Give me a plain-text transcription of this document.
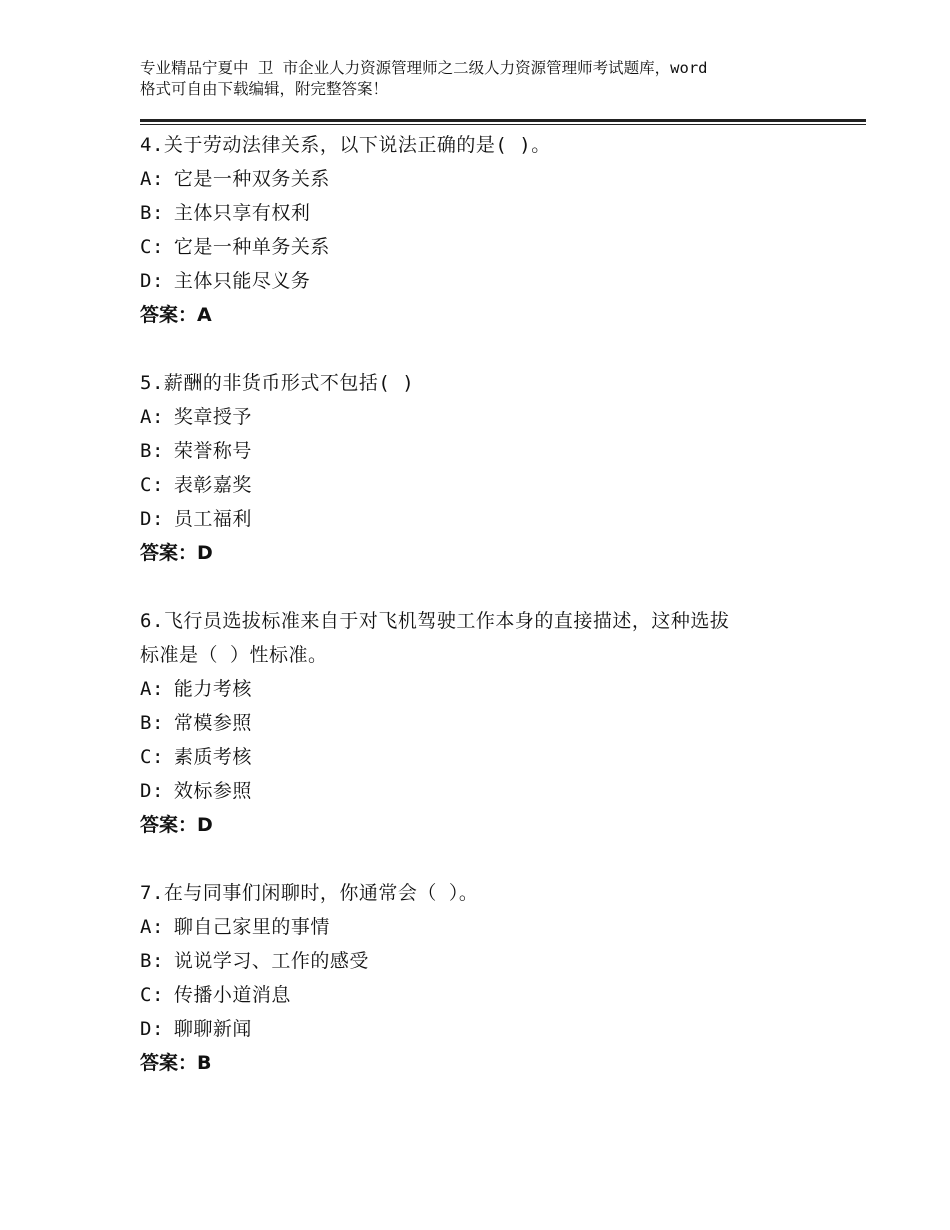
专业精品宁夏中 卫 市企业人力资源管理师之二级人力资源管理师考试题库，word
格式可自由下载编辑，附完整答案！
4.关于劳动法律关系，以下说法正确的是( )。
A: 它是一种双务关系
B: 主体只享有权利
C: 它是一种单务关系
D: 主体只能尽义务
答案：A
5.薪酬的非货币形式不包括( )
A: 奖章授予
B: 荣誉称号
C: 表彰嘉奖
D: 员工福利
答案：D
6.飞行员选拔标准来自于对飞机驾驶工作本身的直接描述，这种选拔
标准是（ ）性标准。
A: 能力考核
B: 常模参照
C: 素质考核
D: 效标参照
答案：D
7.在与同事们闲聊时，你通常会（ ）。
A: 聊自己家里的事情
B: 说说学习、工作的感受
C: 传播小道消息
D: 聊聊新闻
答案：B
